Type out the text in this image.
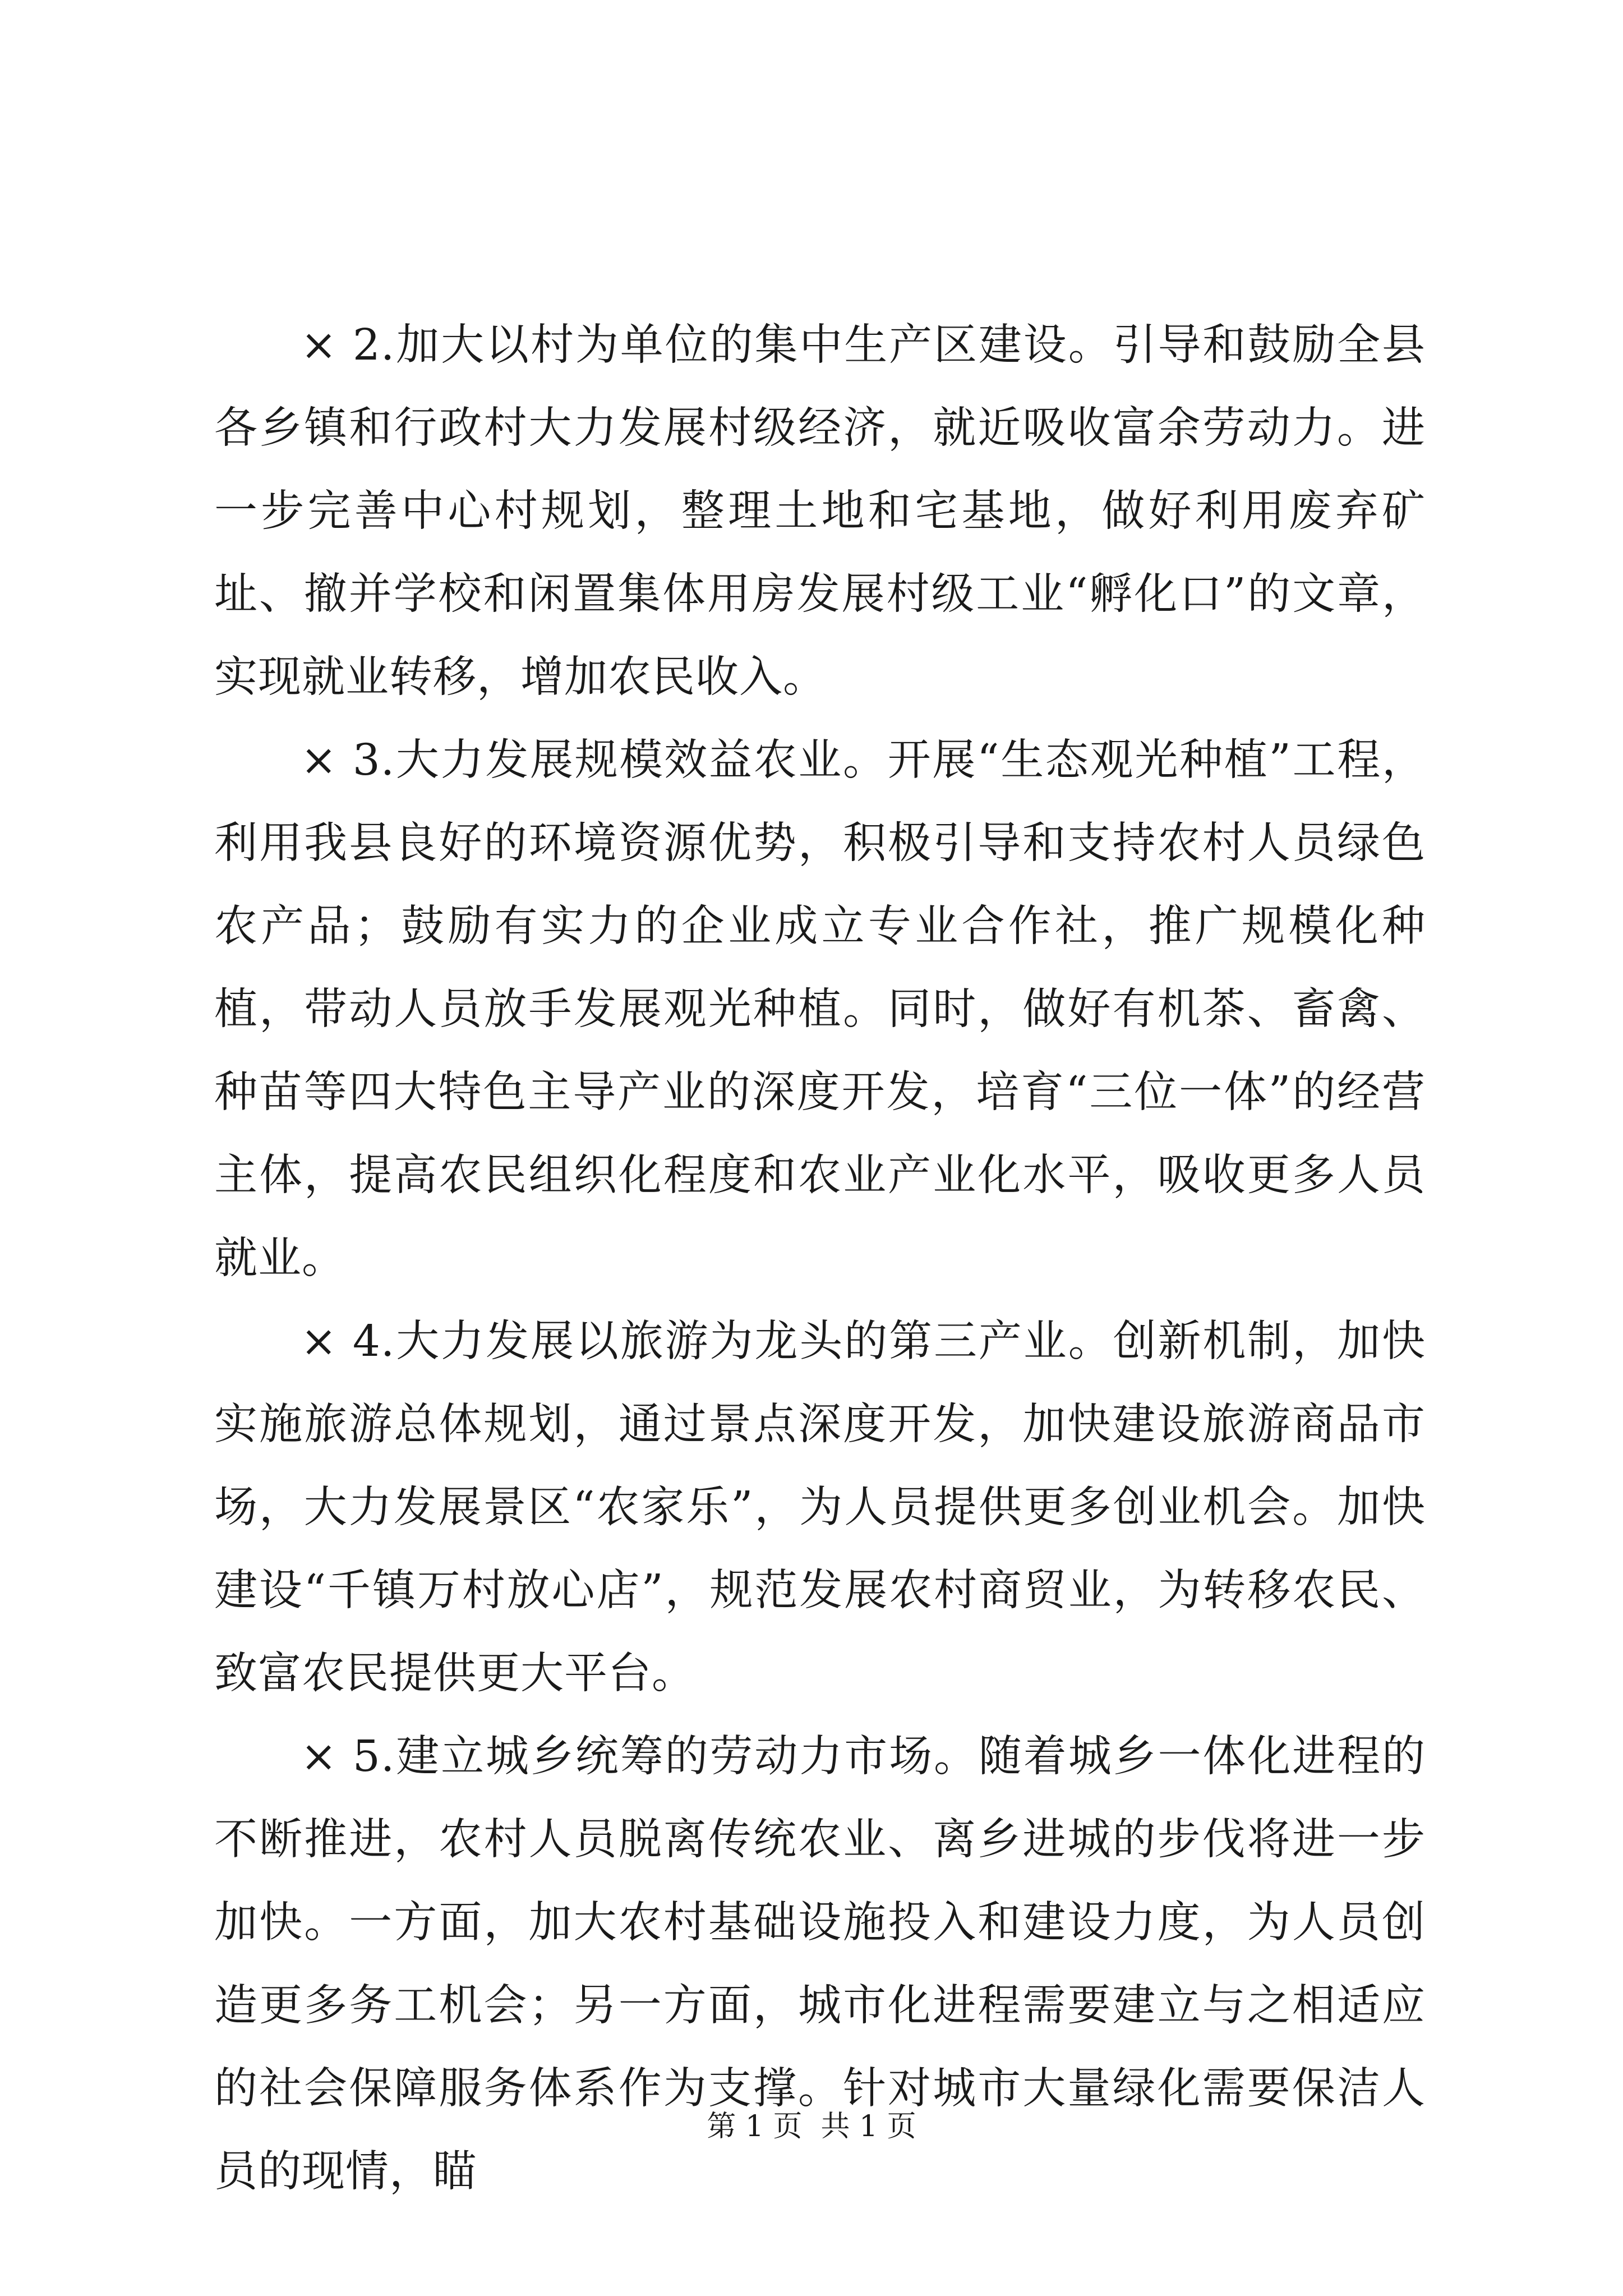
× 2.加大以村为单位的集中生产区建设。引导和鼓励全县各乡镇和行政村大力发展村级经济，就近吸收富余劳动力。进一步完善中心村规划，整理土地和宅基地，做好利用废弃矿址、撤并学校和闲置集体用房发展村级工业“孵化口”的文章，实现就业转移，增加农民收入。

× 3.大力发展规模效益农业。开展“生态观光种植”工程，利用我县良好的环境资源优势，积极引导和支持农村人员绿色农产品；鼓励有实力的企业成立专业合作社，推广规模化种植，带动人员放手发展观光种植。同时，做好有机茶、畜禽、种苗等四大特色主导产业的深度开发，培育“三位一体”的经营主体，提高农民组织化程度和农业产业化水平，吸收更多人员就业。

× 4.大力发展以旅游为龙头的第三产业。创新机制，加快实施旅游总体规划，通过景点深度开发，加快建设旅游商品市场，大力发展景区“农家乐”，为人员提供更多创业机会。加快建设“千镇万村放心店”，规范发展农村商贸业，为转移农民、致富农民提供更大平台。

× 5.建立城乡统筹的劳动力市场。随着城乡一体化进程的不断推进，农村人员脱离传统农业、离乡进城的步伐将进一步加快。一方面，加大农村基础设施投入和建设力度，为人员创造更多务工机会；另一方面，城市化进程需要建立与之相适应的社会保障服务体系作为支撑。针对城市大量绿化需要保洁人员的现情，瞄

第 1 页  共 1 页
